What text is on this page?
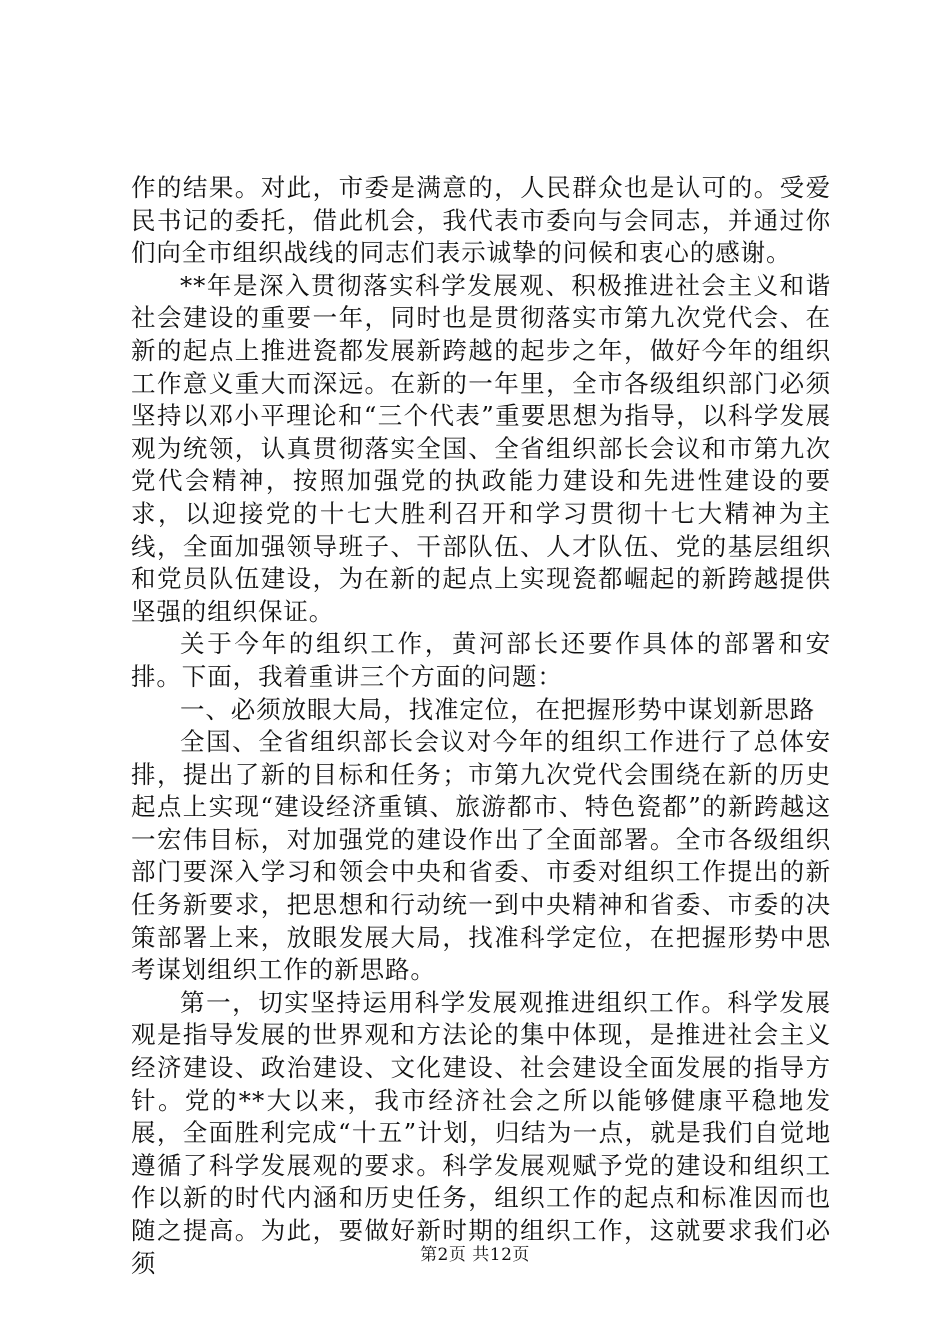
作的结果。对此，市委是满意的，人民群众也是认可的。受爱民书记的委托，借此机会，我代表市委向与会同志，并通过你们向全市组织战线的同志们表示诚挚的问候和衷心的感谢。

**年是深入贯彻落实科学发展观、积极推进社会主义和谐社会建设的重要一年，同时也是贯彻落实市第九次党代会、在新的起点上推进瓷都发展新跨越的起步之年，做好今年的组织工作意义重大而深远。在新的一年里，全市各级组织部门必须坚持以邓小平理论和“三个代表”重要思想为指导，以科学发展观为统领，认真贯彻落实全国、全省组织部长会议和市第九次党代会精神，按照加强党的执政能力建设和先进性建设的要求，以迎接党的十七大胜利召开和学习贯彻十七大精神为主线，全面加强领导班子、干部队伍、人才队伍、党的基层组织和党员队伍建设，为在新的起点上实现瓷都崛起的新跨越提供坚强的组织保证。

关于今年的组织工作，黄河部长还要作具体的部署和安排。下面，我着重讲三个方面的问题：

一、必须放眼大局，找准定位，在把握形势中谋划新思路

全国、全省组织部长会议对今年的组织工作进行了总体安排，提出了新的目标和任务；市第九次党代会围绕在新的历史起点上实现“建设经济重镇、旅游都市、特色瓷都”的新跨越这一宏伟目标，对加强党的建设作出了全面部署。全市各级组织部门要深入学习和领会中央和省委、市委对组织工作提出的新任务新要求，把思想和行动统一到中央精神和省委、市委的决策部署上来，放眼发展大局，找准科学定位，在把握形势中思考谋划组织工作的新思路。

第一，切实坚持运用科学发展观推进组织工作。科学发展观是指导发展的世界观和方法论的集中体现，是推进社会主义经济建设、政治建设、文化建设、社会建设全面发展的指导方针。党的**大以来，我市经济社会之所以能够健康平稳地发展，全面胜利完成“十五”计划，归结为一点，就是我们自觉地遵循了科学发展观的要求。科学发展观赋予党的建设和组织工作以新的时代内涵和历史任务，组织工作的起点和标准因而也随之提高。为此，要做好新时期的组织工作，这就要求我们必须	第2页 共12页
